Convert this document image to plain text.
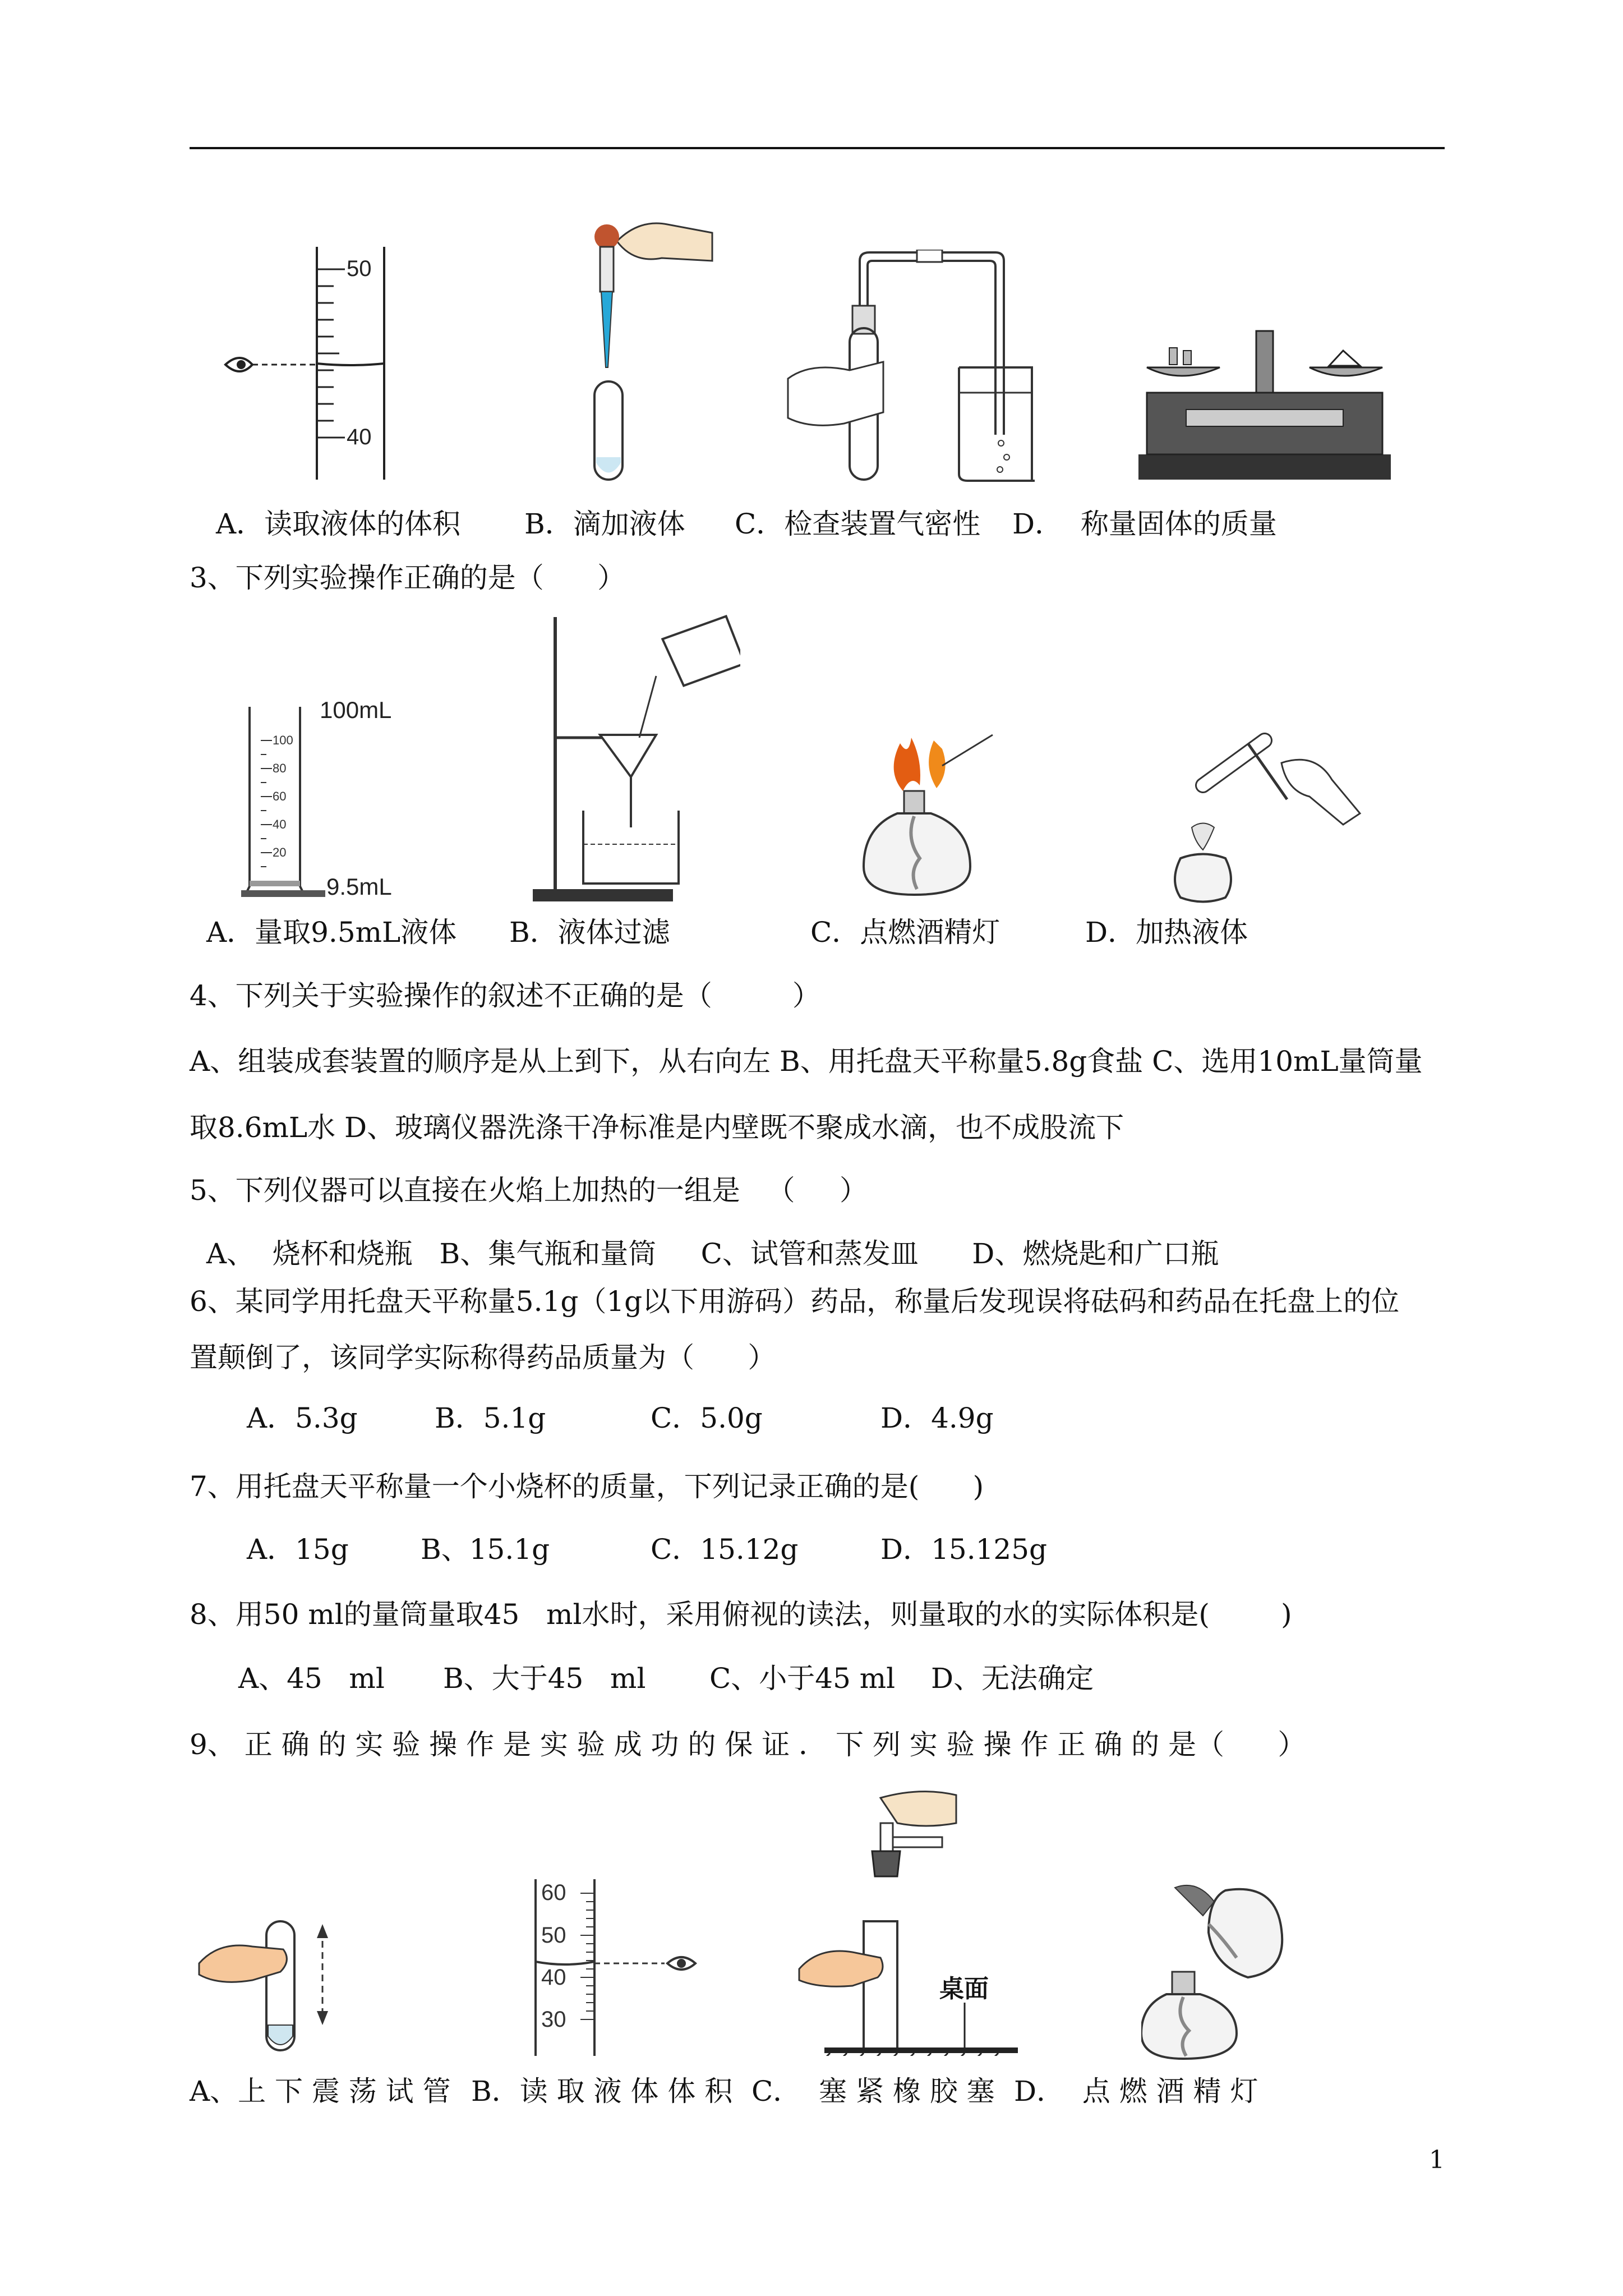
50
40
A．读取液体的体积 B．滴加液体 C．检查装置气密性 D．  称量固体的质量
3、下列实验操作正确的是（      ）
100
80
60
40
20
100mL
9.5mL
A．量取9.5mL液体 B．液体过滤	C．点燃酒精灯	D．加热液体
4、下列关于实验操作的叙述不正确的是（         ）
A、组装成套装置的顺序是从上到下，从右向左 B、用托盘天平称量5.8g食盐 C、选用10mL量筒量
取8.6mL水 D、玻璃仪器洗涤干净标准是内壁既不聚成水滴，也不成股流下
5、下列仪器可以直接在火焰上加热的一组是   （     ）
A、  烧杯和烧瓶   B、集气瓶和量筒     C、试管和蒸发皿      D、燃烧匙和广口瓶
6、某同学用托盘天平称量5.1g（1g以下用游码）药品，称量后发现误将砝码和药品在托盘上的位
置颠倒了，该同学实际称得药品质量为（      ）
A．5.3g	B．5.1g	C．5.0g	D．4.9g
7、用托盘天平称量一个小烧杯的质量，下列记录正确的是(      )
A．15g	B、15.1g	C．15.12g	D．15.125g
8、用50 ml的量筒量取45   ml水时，采用俯视的读法，则量取的水的实际体积是(        )
A、45   ml B、大于45   ml C、小于45 ml D、无法确定
9、 正 确 的 实 验 操 作 是 实 验 成 功 的 保 证 ． 下 列 实 验 操 作 正 确 的 是（      ）
60
50
40
30
桌面
A、上 下 震 荡 试 管 B．读 取 液 体 体 积 C．  塞 紧 橡 胶 塞 D．  点 燃 酒 精 灯
1
